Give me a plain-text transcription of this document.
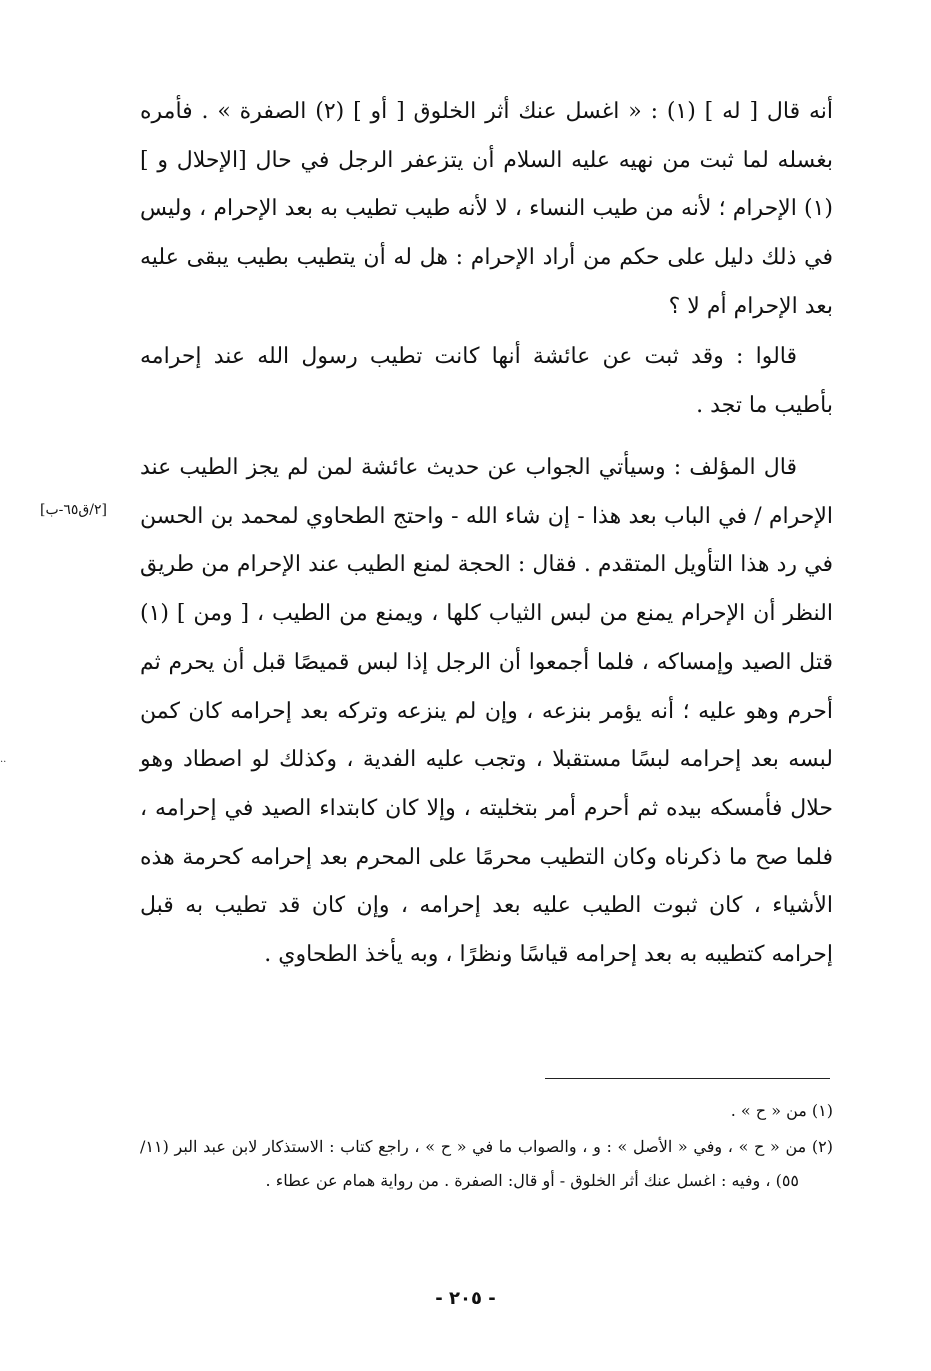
أنه قال [ له ] (١) : « اغسل عنك أثر الخلوق [ أو ] (٢) الصفرة » . فأمره بغسله لما ثبت من نهيه عليه السلام أن يتزعفر الرجل في حال [الإحلال و ] (١) الإحرام ؛ لأنه من طيب النساء ، لا لأنه طيب تطيب به بعد الإحرام ، وليس في ذلك دليل على حكم من أراد الإحرام : هل له أن يتطيب بطيب يبقى عليه بعد الإحرام أم لا ؟

قالوا : وقد ثبت عن عائشة أنها كانت تطيب رسول الله عند إحرامه بأطيب ما تجد .

قال المؤلف : وسيأتي الجواب عن حديث عائشة لمن لم يجز الطيب عند الإحرام / في الباب بعد هذا - إن شاء الله - واحتج الطحاوي لمحمد بن الحسن في رد هذا التأويل المتقدم . فقال : الحجة لمنع الطيب عند الإحرام من طريق النظر أن الإحرام يمنع من لبس الثياب كلها ، ويمنع من الطيب ، [ ومن ] (١) قتل الصيد وإمساكه ، فلما أجمعوا أن الرجل إذا لبس قميصًا قبل أن يحرم ثم أحرم وهو عليه ؛ أنه يؤمر بنزعه ، وإن لم ينزعه وتركه بعد إحرامه كان كمن لبسه بعد إحرامه لبسًا مستقبلا ، وتجب عليه الفدية ، وكذلك لو اصطاد وهو حلال فأمسكه بيده ثم أحرم أمر بتخليته ، وإلا كان كابتداء الصيد في إحرامه ، فلما صح ما ذكرناه وكان التطيب محرمًا على المحرم بعد إحرامه كحرمة هذه الأشياء ، كان ثبوت الطيب عليه بعد إحرامه ، وإن كان قد تطيب به قبل إحرامه كتطيبه به بعد إحرامه قياسًا ونظرًا ، وبه يأخذ الطحاوي .

[٢/ق٦٥-ب]
..

(١) من « ح » .

(٢) من « ح » ، وفي « الأصل » : و ، والصواب ما في « ح » ، راجع كتاب : الاستذكار لابن عبد البر (١١/ ٥٥) ، وفيه : اغسل عنك أثر الخلوق - أو قال: الصفرة . من رواية همام عن عطاء .

- ٢٠٥ -
